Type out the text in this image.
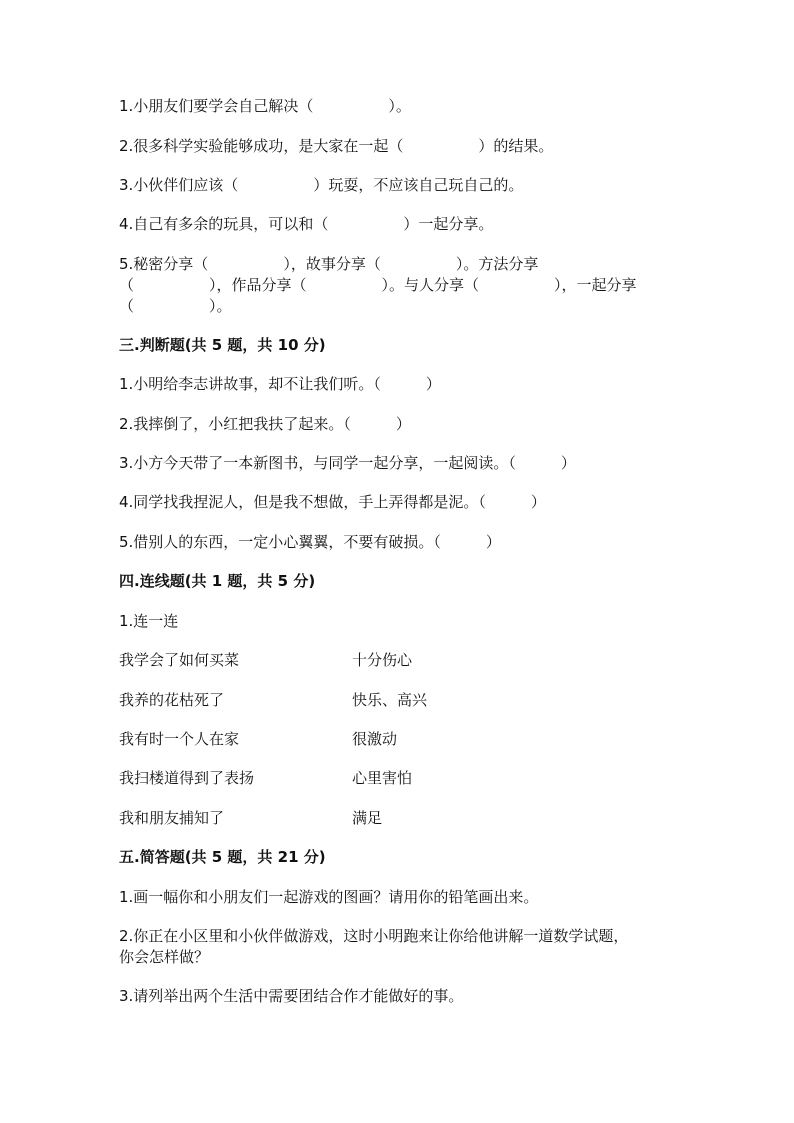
1.小朋友们要学会自己解决（　　　　　）。

2.很多科学实验能够成功，是大家在一起（　　　　　）的结果。

3.小伙伴们应该（　　　　　）玩耍，不应该自己玩自己的。

4.自己有多余的玩具，可以和（　　　　　）一起分享。

5.秘密分享（　　　　　），故事分享（　　　　　）。方法分享

（　　　　　），作品分享（　　　　　）。与人分享（　　　　　），一起分享

（　　　　　）。

三.判断题(共 5 题，共 10 分)

1.小明给李志讲故事，却不让我们听。（　　　）

2.我摔倒了，小红把我扶了起来。（　　　）

3.小方今天带了一本新图书，与同学一起分享，一起阅读。（　　　）

4.同学找我捏泥人，但是我不想做，手上弄得都是泥。（　　　）

5.借别人的东西，一定小心翼翼，不要有破损。（　　　）

四.连线题(共 1 题，共 5 分)

1.连一连

我学会了如何买菜	十分伤心

我养的花枯死了	快乐、高兴

我有时一个人在家	很激动

我扫楼道得到了表扬	心里害怕

我和朋友捕知了	满足

五.简答题(共 5 题，共 21 分)

1.画一幅你和小朋友们一起游戏的图画？请用你的铅笔画出来。

2.你正在小区里和小伙伴做游戏，这时小明跑来让你给他讲解一道数学试题，

你会怎样做？

3.请列举出两个生活中需要团结合作才能做好的事。
